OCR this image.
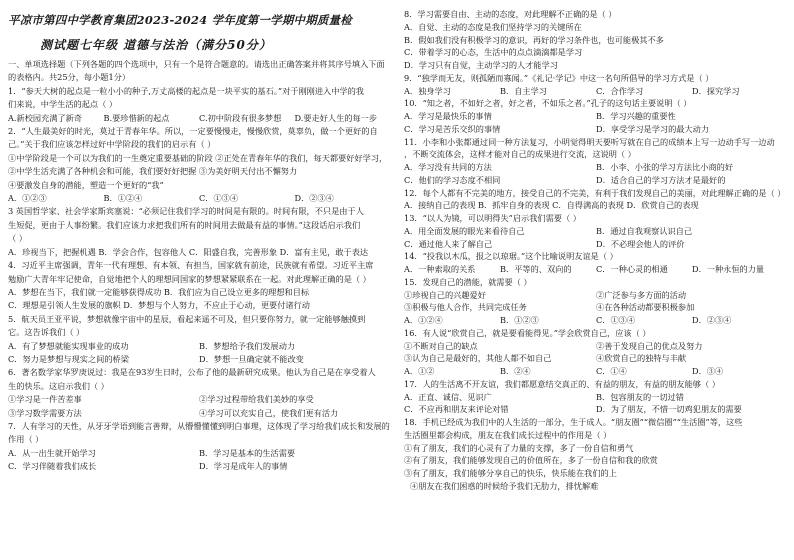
平凉市第四中学教育集团2023-2024 学年度第一学期中期质量检
测试题七年级 道德与法治（满分50分）
一、单项选择题（下列各题的四个选项中，只有一个是符合题意的。请选出正确答案并将其序号填入下面
的表格内。共25分，每小题1分）
1．“参天大树的起点是一粒小小的种子,万丈高楼的起点是一块平实的基石。”对于刚刚进入中学的我
们来说，中学生活的起点（ ）
A.新校园充满了新奇	B.要珍惜新的起点	C.初中阶段有很多梦想	D.要走好人生的每一步
2．“人生最美好的时光，莫过于青春年华。所以，一定要慢慢走，慢慢欣赏，莫辜负，做一个更好的自
己。”关于我们应该怎样过好中学阶段的我们的启示有（ ）
①中学阶段是一个可以为我们的一生奠定重要基础的阶段 ②正处在青春年华的我们，每天都要好好学习，
②中学生活充满了各种机会和可能，我们要好好把握 ③为美好明天付出不懈努力
④要激发自身的潜能，塑造一个更好的“我”
A．①②③	B．①②④	C．①③④	D．②③④
3 英国哲学家、社会学家斯宾塞说：“必须记住我们学习的时间是有限的。时间有限，不只是由于人
生短促，更由于人事纷繁。我们应该力求把我们所有的时间用去做最有益的事情。”这段话启示我们
（ ）
A．珍视当下，把握机遇 B．学会合作，包容他人 C．阳盛自我，完善形象 D．富有主见，敢于表达
4．习近平主席强调，青年一代有理想、有本领、有担当，国家就有前途，民族就有希望。习近平主席
勉励广大青年牢记使命，自觉地把个人的理想同国家的梦想紧紧联系在一起。对此理解正确的是（ ）
A．梦想在当下，我们就一定能够获得成功 B．我们应为自己设立更多的理想和目标
C．理想是引领人生发展的旗帜 D．梦想与个人努力，不应止于心动，更要付诸行动
5．航天员王亚平说，梦想就像宇宙中的星辰，看起来遥不可及，但只要你努力，就一定能够触摸到
它。这告诉我们（ ）
A．有了梦想就能实现事业的成功	B．梦想给予我们发展动力
C．努力是梦想与现实之间的桥梁	D．梦想一旦确定就不能改变
6．著名数学家华罗庚说过：我是在93岁生日时，公布了他的最新研究成果。他认为自己是在享受着人
生的快乐。这启示我们（ ）
①学习是一件苦差事	②学习过程带给我们美妙的享受
③学习数学需要方法	④学习可以充实自己，使我们更有活力
7．人有学习的天性，从牙牙学语到能言善辩，从懵懵懂懂到明白事理，这体现了学习给我们成长和发展的
作用（ ）
A．从一出生就开始学习	B．学习是基本的生活需要
C．学习伴随着我们成长	D．学习是成年人的事情
8．学习需要自由、主动的态度，对此理解不正确的是（ ）
A．自觉、主动的态度是我们坚持学习的关键所在
B．假如我们没有积极学习的意识，再好的学习条件也，也可能极其不多
C．带着学习的心态，生活中的点点滴滴都是学习
D．学习只有自觉，主动学习的人才能学习
9．“独学而无友，则孤陋而寡闻。”《礼记·学记》中这一名句所倡导的学习方式是（ ）
A．独身学习	B．自主学习	C．合作学习	D．探究学习
10．“知之者，不如好之者，好之者，不如乐之者。”孔子的这句话主要说明（ ）
A．学习是最快乐的事情	B．学习兴趣的重要性
C．学习是苦乐交织的事情	D．享受学习是学习的最大动力
11．小李和小张都通过同一种方法复习，小明觉得明天要听写就在自己的成绩本上写一边动手写一边动
，不断交流体会，这样才能对自己的成果进行交流，这说明（ ）
A．学习没有共同的方法	B．小李、小张的学习方法比小商的好
C．他们的学习态度不相同	D．适合自己的学习方法才是最好的
12．每个人都有不完美的地方，接受自己的不完美，有利于我们发现自己的美丽，对此理解正确的是（ ）
A．接纳自己的表现 B．抓牢自身的表现 C．自得满高的表现 D．欣赏自己的表现
13．“以人为镜，可以明得失”启示我们需要（ ）
A．用全面发展的眼光来看待自己	B．通过自我观察认识自己
C．通过他人来了解自己	D．不必理会他人的评价
14．“投我以木瓜，报之以琼琚。”这个比喻说明友谊是（ ）
A．一种索取的关系	B．平等的、双向的	C．一种心灵的相通	D．一种永恒的力量
15．发现自己的潜能，就需要（ ）
①珍视自己的兴趣爱好	②广泛参与多方面的活动
③积极与他人合作，共同完成任务	④在各种活动都要积极参加
A．①②④	B．①②③	C．①③④	D．②③④
16．有人说“欣赏自己，就是要看能得见。”学会欣赏自己，应该（ ）
①不断对自己的缺点	②善于发现自己的优点及努力
③认为自己是最好的，其他人都不如自己	④欣赏自己的独特与丰献
A．①②	B．②④	C．①④	D．③④
17．人的生活离不开友谊，我们都愿意结交真正的、有益的朋友，有益的朋友能够（ ）
A．正直、诚信、见识广	B．包容朋友的一切过错
C．不应再和朋友来评论对错	D．为了朋友，不惜一切鸡犯朋友的需要
18．手机已经成为我们中的人生活的一部分，生于成人。“朋友圈”“微信圈”“生活圈”等，这些
生活圈里都会构成，朋友在我们成长过程中的作用是（ ）
①有了朋友，我们的心灵有了力量的支撑，多了一份自信和勇气
②有了朋友，我们能够发现自己的价值所在，多了一份自信和我的欣赏
③有了朋友，我们能够分享自己的快乐，快乐能在我们的上
④朋友在我们困惑的时候给予我们无肋力，排忧解难
